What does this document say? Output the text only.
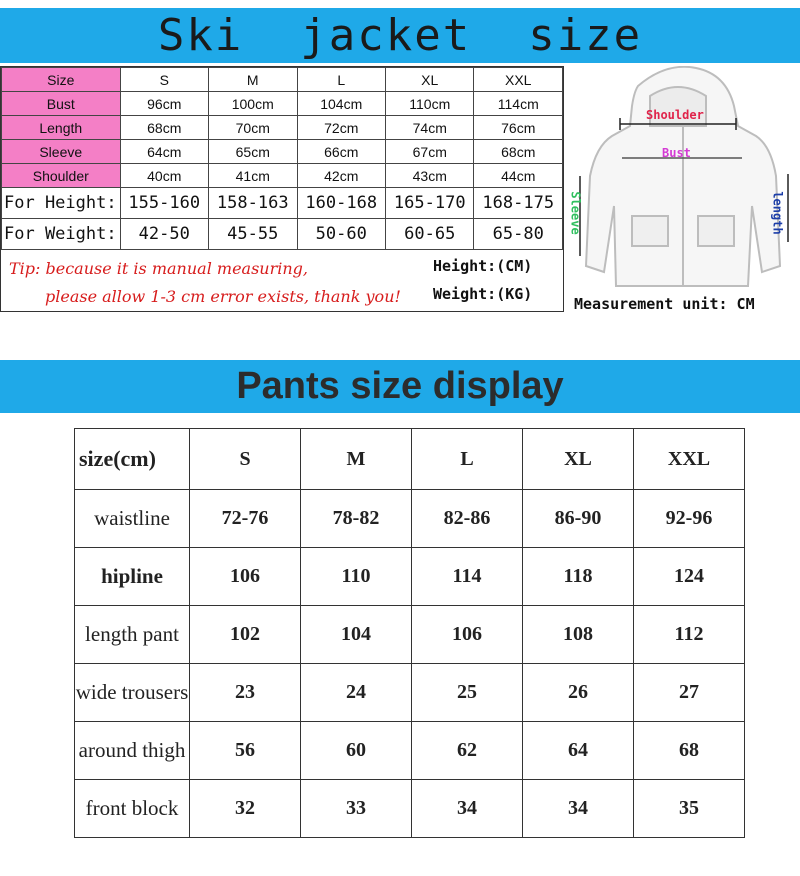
Ski  jacket  size
Size	S	M	L	XL	XXL
Bust	96cm	100cm	104cm	110cm	114cm
Length	68cm	70cm	72cm	74cm	76cm
Sleeve	64cm	65cm	66cm	67cm	68cm
Shoulder	40cm	41cm	42cm	43cm	44cm
For Height:	155-160	158-163	160-168	165-170	168-175
For Weight:	42-50	45-55	50-60	60-65	65-80
Tip: because it is manual measuring,
please allow 1-3 cm error exists, thank you!
Height:(CM)
Weight:(KG)
Shoulder
Bust
Sleeve	length
Measurement unit: CM
Pants size display
size(cm)	S	M	L	XL	XXL
waistline	72-76	78-82	82-86	86-90	92-96
hipline	106	110	114	118	124
length pant	102	104	106	108	112
wide trousers	23	24	25	26	27
around thigh	56	60	62	64	68
front block	32	33	34	34	35
